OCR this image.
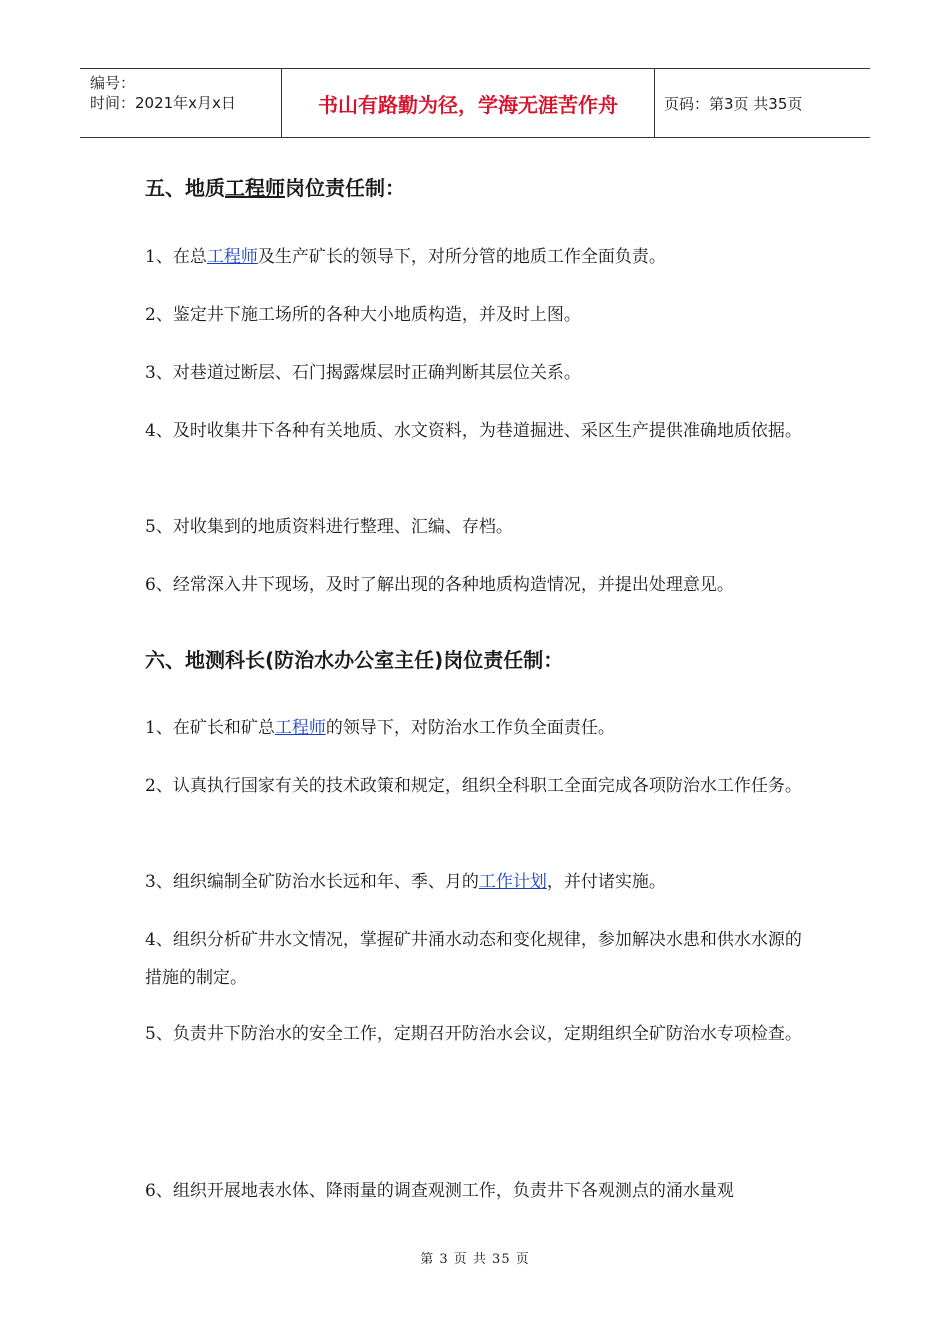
编号：
时间：2021年x月x日	书山有路勤为径，学海无涯苦作舟	页码：第3页 共35页
五、地质工程师岗位责任制：

1、在总工程师及生产矿长的领导下，对所分管的地质工作全面负责。

2、鉴定井下施工场所的各种大小地质构造，并及时上图。

3、对巷道过断层、石门揭露煤层时正确判断其层位关系。

4、及时收集井下各种有关地质、水文资料，为巷道掘进、采区生产提供准确地质依据。

5、对收集到的地质资料进行整理、汇编、存档。

6、经常深入井下现场，及时了解出现的各种地质构造情况，并提出处理意见。

六、地测科长(防治水办公室主任)岗位责任制：

1、在矿长和矿总工程师的领导下，对防治水工作负全面责任。

2、认真执行国家有关的技术政策和规定，组织全科职工全面完成各项防治水工作任务。

3、组织编制全矿防治水长远和年、季、月的工作计划，并付诸实施。

4、组织分析矿井水文情况，掌握矿井涌水动态和变化规律，参加解决水患和供水水源的措施的制定。

5、负责井下防治水的安全工作，定期召开防治水会议，定期组织全矿防治水专项检查。

6、组织开展地表水体、降雨量的调查观测工作，负责井下各观测点的涌水量观

第 3 页 共 35 页
